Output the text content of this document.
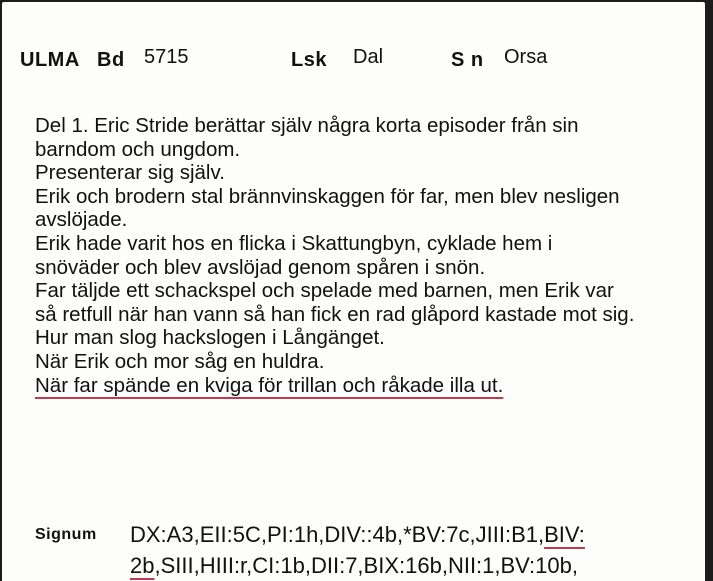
ULMA Bd 5715	Lsk Dal	S n Orsa
Del 1. Eric Stride berättar själv några korta episoder från sin
barndom och ungdom.
Presenterar sig själv.
Erik och brodern stal brännvinskaggen för far, men blev nesligen
avslöjade.
Erik hade varit hos en flicka i Skattungbyn, cyklade hem i
snöväder och blev avslöjad genom spåren i snön.
Far täljde ett schackspel och spelade med barnen, men Erik var
så retfull när han vann så han fick en rad glåpord kastade mot sig.
Hur man slog hackslogen i Långänget.
När Erik och mor såg en huldra.
När far spände en kviga för trillan och råkade illa ut.
Signum DX:A3,EII:5C,PI:1h,DIV::4b,*BV:7c,JIII:B1,BIV:
2b,SIII,HIII:r,CI:1b,DII:7,BIX:16b,NII:1,BV:10b,
